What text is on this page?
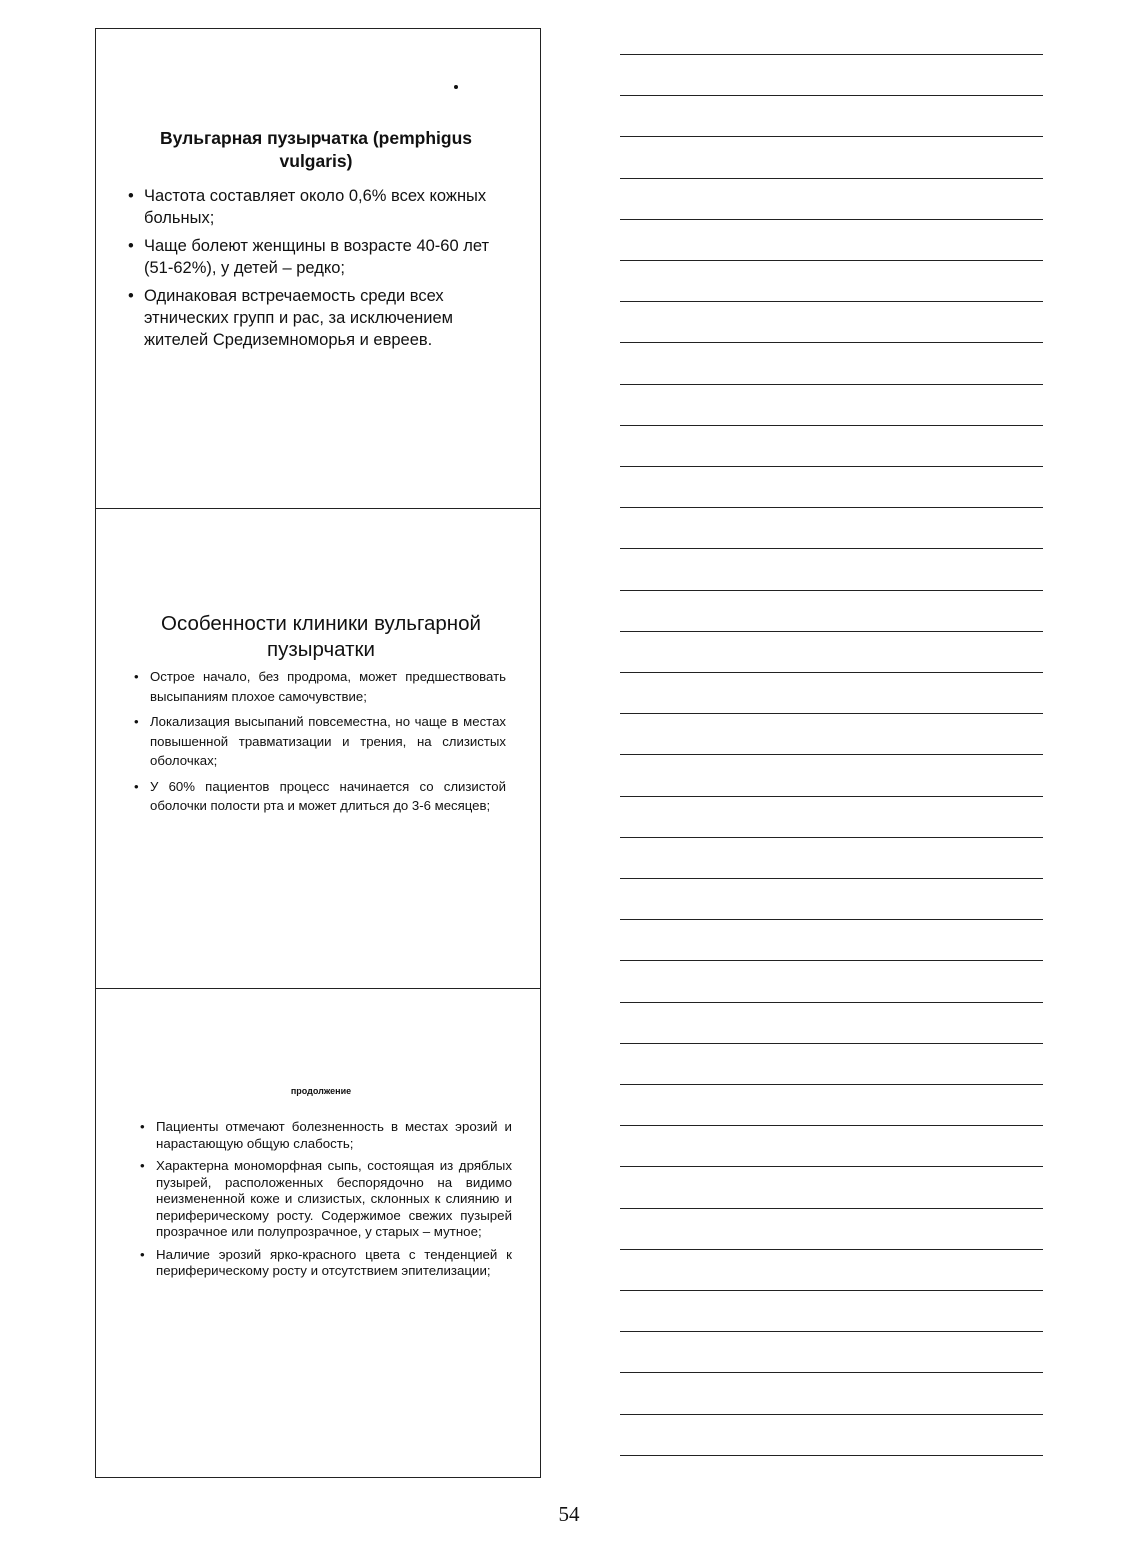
Вульгарная пузырчатка (pemphigus vulgaris)
• Частота составляет около 0,6% всех кожных больных;
• Чаще болеют женщины в возрасте 40-60 лет (51-62%), у детей – редко;
• Одинаковая встречаемость среди всех этнических групп и рас, за исключением жителей Средиземноморья и евреев.
Особенности клиники вульгарной пузырчатки
• Острое начало, без продрома, может предшествовать высыпаниям плохое самочувствие;
• Локализация высыпаний повсеместна, но чаще в местах повышенной травматизации и трения, на слизистых оболочках;
• У 60% пациентов процесс начинается со слизистой оболочки полости рта и может длиться до 3-6 месяцев;
продолжение
• Пациенты отмечают болезненность в местах эрозий и нарастающую общую слабость;
• Характерна мономорфная сыпь, состоящая из дряблых пузырей, расположенных беспорядочно на видимо неизмененной коже и слизистых, склонных к слиянию и периферическому росту. Содержимое свежих пузырей прозрачное или полупрозрачное, у старых – мутное;
• Наличие эрозий ярко-красного цвета с тенденцией к периферическому росту и отсутствием эпителизации;
54
